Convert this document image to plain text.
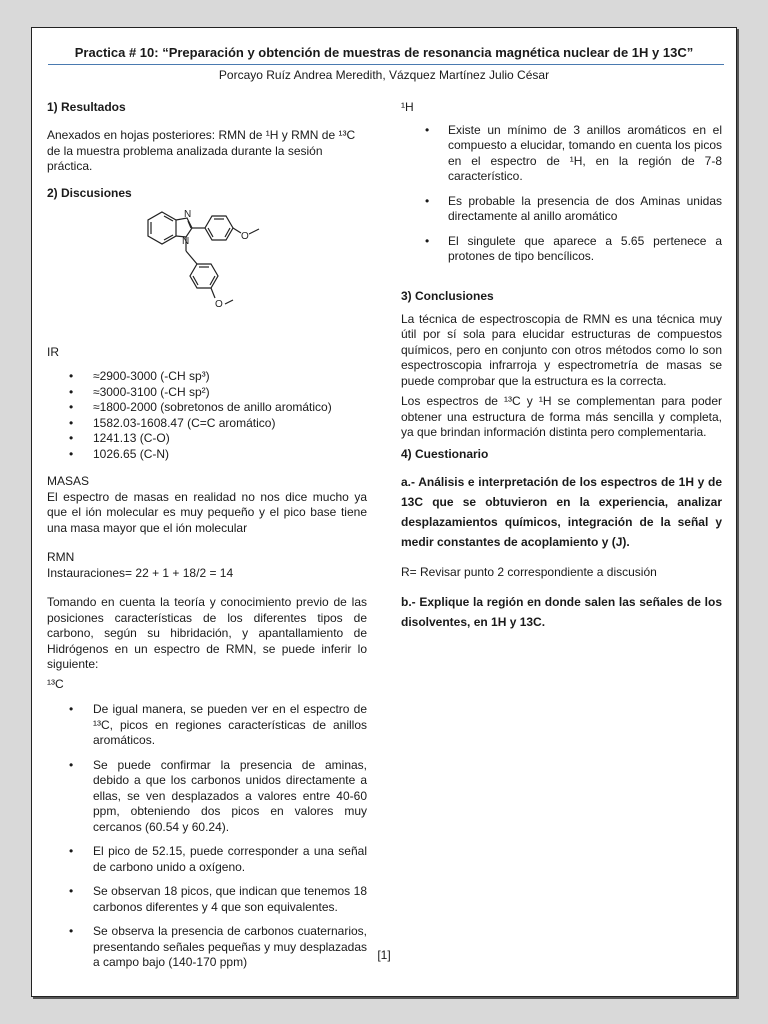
Practica # 10: “Preparación y obtención de muestras de resonancia magnética nuclear de 1H y 13C”
Porcayo Ruíz Andrea Meredith, Vázquez Martínez Julio César
1) Resultados

Anexados en hojas posteriores: RMN de ¹H y RMN de ¹³C de la muestra problema analizada durante la sesión práctica.

2) Discusiones
N
N	O
O

IR

• ≈2900-3000 (-CH sp³)
• ≈3000-3100 (-CH sp²)
• ≈1800-2000 (sobretonos de anillo aromático)
• 1582.03-1608.47 (C=C aromático)
• 1241.13 (C-O)
• 1026.65 (C-N)

MASAS

El espectro de masas en realidad no nos dice mucho ya que el ión molecular es muy pequeño y el pico base tiene una masa mayor que el ión molecular

RMN

Instauraciones= 22 + 1 + 18/2 = 14

Tomando en cuenta la teoría y conocimiento previo de las posiciones características de los diferentes tipos de carbono, según su hibridación, y apantallamiento de Hidrógenos en un espectro de RMN, se puede inferir lo siguiente:

¹³C

• De igual manera, se pueden ver en el espectro de ¹³C, picos en regiones características de anillos aromáticos.
• Se puede confirmar la presencia de aminas, debido a que los carbonos unidos directamente a ellas, se ven desplazados a valores entre 40-60 ppm, obteniendo dos picos en valores muy cercanos (60.54 y 60.24).
• El pico de 52.15, puede corresponder a una señal de carbono unido a oxígeno.
• Se observan 18 picos, que indican que tenemos 18 carbonos diferentes y 4 que son equivalentes.
• Se observa la presencia de carbonos cuaternarios, presentando señales pequeñas y muy desplazadas a campo bajo (140-170 ppm)

¹H

• Existe un mínimo de 3 anillos aromáticos en el compuesto a elucidar, tomando en cuenta los picos en el espectro de ¹H, en la región de 7-8 característico.
• Es probable la presencia de dos Aminas unidas directamente al anillo aromático
• El singulete que aparece a 5.65 pertenece a protones de tipo bencílicos.
3) Conclusiones

La técnica de espectroscopia de RMN es una técnica muy útil por sí sola para elucidar estructuras de compuestos químicos, pero en conjunto con otros métodos como lo son espectroscopia infrarroja y espectrometría de masas se puede comprobar que la estructura es la correcta.

Los espectros de ¹³C y ¹H se complementan para poder obtener una estructura de forma más sencilla y completa, ya que brindan información distinta pero complementaria.

4) Cuestionario

a.- Análisis e interpretación de los espectros de 1H y de 13C que se obtuvieron en la experiencia, analizar desplazamientos químicos, integración de la señal y medir constantes de acoplamiento y (J).

R= Revisar punto 2 correspondiente a discusión

b.- Explique la región en donde salen las señales de los disolventes, en 1H y 13C.

[1]
